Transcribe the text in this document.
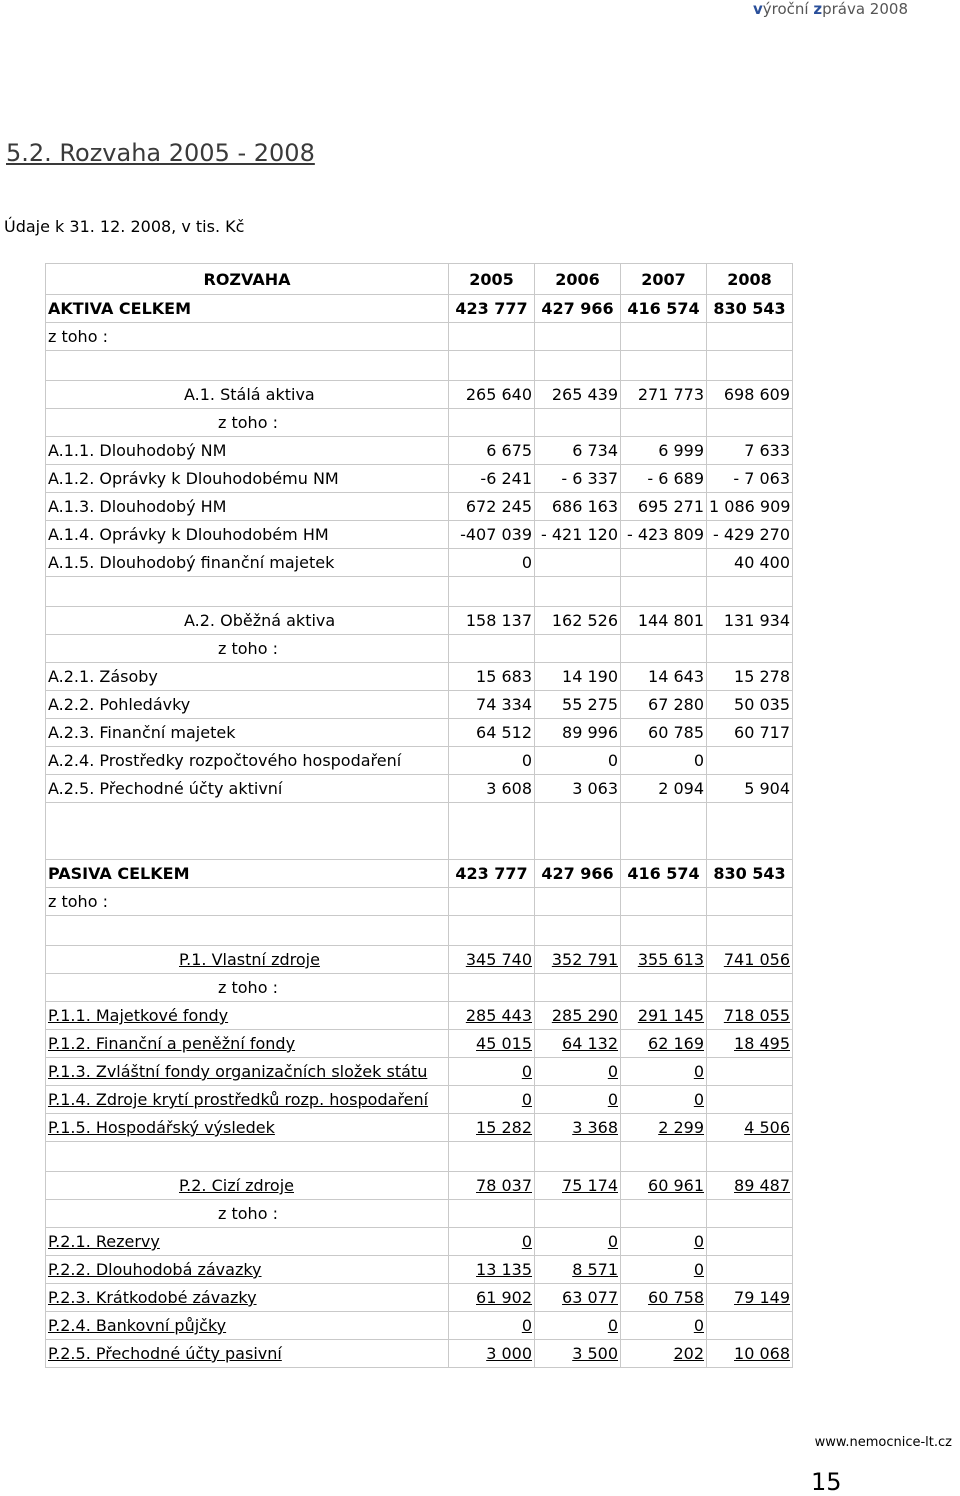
výroční zpráva 2008
5.2. Rozvaha 2005 - 2008
Údaje k 31. 12. 2008, v tis. Kč
ROZVAHA	2005	2006	2007	2008
AKTIVA CELKEM	423 777	427 966	416 574	830 543
z toho :				

A.1. Stálá aktiva	265 640	265 439	271 773	698 609
z toho :				
A.1.1. Dlouhodobý NM	6 675	6 734	6 999	7 633
A.1.2. Oprávky k Dlouhodobému NM	-6 241	- 6 337	- 6 689	- 7 063
A.1.3. Dlouhodobý HM	672 245	686 163	695 271	1 086 909
A.1.4. Oprávky k Dlouhodobém HM	-407 039	- 421 120	- 423 809	- 429 270
A.1.5. Dlouhodobý finanční majetek	0			40 400

A.2. Oběžná aktiva	158 137	162 526	144 801	131 934
z toho :				
A.2.1. Zásoby	15 683	14 190	14 643	15 278
A.2.2. Pohledávky	74 334	55 275	67 280	50 035
A.2.3. Finanční majetek	64 512	89 996	60 785	60 717
A.2.4. Prostředky rozpočtového hospodaření	0	0	0	
A.2.5. Přechodné účty aktivní	3 608	3 063	2 094	5 904

PASIVA CELKEM	423 777	427 966	416 574	830 543
z toho :				

P.1. Vlastní zdroje	345 740	352 791	355 613	741 056
z toho :				
P.1.1. Majetkové fondy	285 443	285 290	291 145	718 055
P.1.2. Finanční a peněžní fondy	45 015	64 132	62 169	18 495
P.1.3. Zvláštní fondy organizačních složek státu	0	0	0	
P.1.4. Zdroje krytí prostředků rozp. hospodaření	0	0	0	
P.1.5. Hospodářský výsledek	15 282	3 368	2 299	4 506

P.2. Cizí zdroje	78 037	75 174	60 961	89 487
z toho :				
P.2.1. Rezervy	0	0	0	
P.2.2. Dlouhodobá závazky	13 135	8 571	0	
P.2.3. Krátkodobé závazky	61 902	63 077	60 758	79 149
P.2.4. Bankovní půjčky	0	0	0	
P.2.5. Přechodné účty pasivní	3 000	3 500	202	10 068
www.nemocnice-lt.cz
15
